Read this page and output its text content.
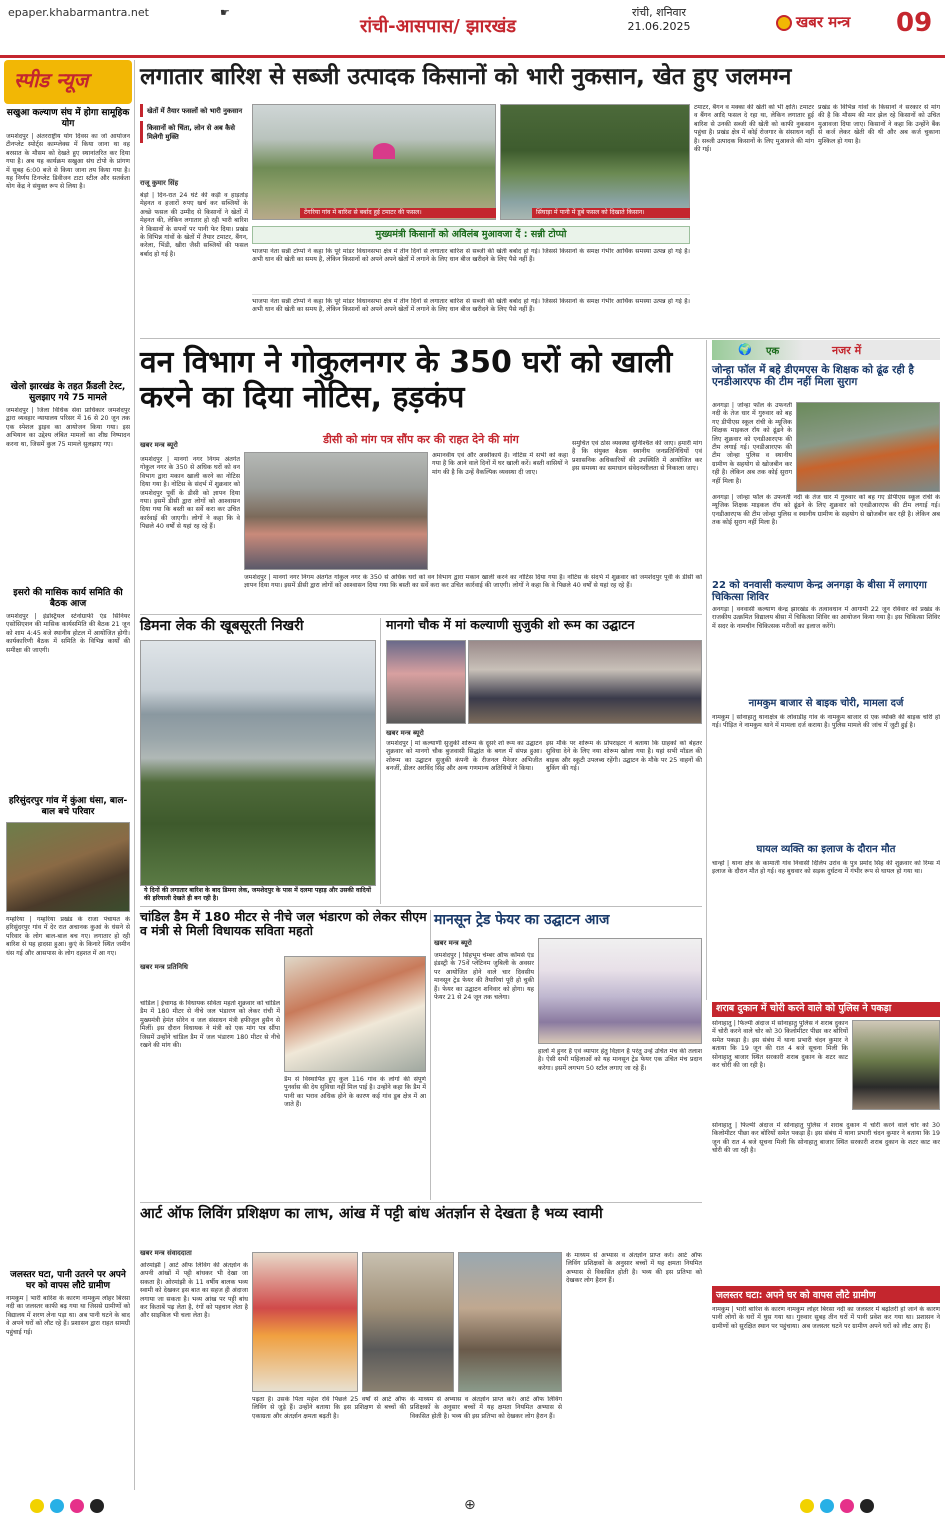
epaper.khabarmantra.net	☛
रांची-आसपास/ झारखंड
रांची, शनिवार
21.06.2025	खबर मन्त्र 09
स्पीड न्यूज
सखुआ कल्याण संघ में होगा सामूहिक योग
जमशेदपुर | अंतरराष्ट्रीय योग दिवस का जो आयोजन टीनप्लेट स्पोर्ट्स काम्प्लेक्स में किया जाना था वह बरसात के मौसम को देखते हुए स्थानांतरित कर दिया गया है। अब यह कार्यक्रम सखुआ संघ टोपो के प्रांगण में सुबह 6:00 बजे से किया जाना तय किया गया है। यह निर्णय टिनप्लेट डिवीजन टाटा स्टील और सतर्कता योग केंद्र ने संयुक्त रूप से लिया है।
खेलो झारखंड के तहत फ्रैंडली टेस्ट, सुलझाए गये 75 मामले
जमशेदपुर | जिला विधिक सेवा प्राधिकार जमशेदपुर द्वारा व्यवहार न्यायालय परिसर में 16 से 20 जून तक एक स्पेशल ड्राइव का आयोजन किया गया। इस अभियान का उद्देश्य लंबित मामलों का शीघ्र निष्पादन करना था, जिसमें कुल 75 मामले सुलझाए गए।
इसरो की मासिक कार्य समिति की बैठक आज
जमशेदपुर | इंडस्ट्रियल स्टेनोग्राफी एंड सिनियर एसोसिएशन की मासिक कार्यसमिति की बैठक 21 जून को शाम 4:45 बजे स्थानीय होटल में आयोजित होगी। कार्यकारिणी बैठक में समिति के विभिन्न कार्यों की समीक्षा की जाएगी।
हरिसुंदरपुर गांव में कुंआ धंसा, बाल-बाल बचे परिवार
गम्हरिया | गम्हरिया प्रखंड के राजा पंचायत के हरिसुंदरपुर गांव में देर रात अचानक कुआं के धंसने से परिवार के लोग बाल-बाल बच गए। लगातार हो रही बारिश से यह हादसा हुआ। कुएं के किनारे स्थित जमीन धंस गई और आसपास के लोग दहशत में आ गए।
जलस्तर घटा, पानी उतरने पर अपने घर को वापस लौटे ग्रामीण
नामकुम | भारी बारिश के कारण नामकुम लोहर बिरसा नदी का जलस्तर काफी बढ़ गया था जिससे ग्रामीणों को विद्यालय में शरण लेना पड़ा था। अब पानी घटने के बाद वे अपने घरों को लौट रहे हैं। प्रशासन द्वारा राहत सामग्री पहुंचाई गई।
लगातार बारिश से सब्जी उत्पादक किसानों को भारी नुकसान, खेत हुए जलमग्न
खेतों में तैयार फसलों को भारी नुकसान
किसानों को चिंता, लोन से अब कैसे मिलेगी मुक्ति
राजू कुमार सिंह
बेड़ो | दिन-रात 24 घंटे की कड़ी व हाड़तोड़ मेहनत व हजारों रुपए खर्च कर सब्जियों के अच्छे फसल की उम्मीद से किसानों ने खेतों में मेहनत की, लेकिन लगातार हो रही भारी बारिश ने किसानों के सपनों पर पानी फेर दिया। प्रखंड के विभिन्न गांवों के खेतों में तैयार टमाटर, बैंगन, करेला, भिंडी, खीरा जैसी सब्जियों की फसल बर्बाद हो गई है।
टेंगरिया गांव में बारिश से बर्बाद हुई टमाटर की फसल।	सिंघाड़ा में पानी में डूबे फसल को दिखाते किसान।
मुख्यमंत्री किसानों को अविलंब मुआवजा दें : सन्नी टोप्पो
भाजपा नेता सन्नी टोप्पो ने कहा कि पूरे मांडर विधानसभा क्षेत्र में तीन दिनों से लगातार बारिश से सब्जी की खेती बर्बाद हो गई। जिससे किसानों के समक्ष गंभीर आर्थिक समस्या उत्पन्न हो गई है। अभी धान की खेती का समय है, लेकिन किसानों को अपने अपने खेतों में लगाने के लिए धान बीज खरीदने के लिए पैसे नहीं हैं।
टमाटर, बैंगन व मक्का की खेती को भी क्षति। टमाटर व बैंगन आदि फसल दे रहा था, लेकिन लगातार हुई बारिश से उनकी सब्जी की खेती को काफी नुकसान पहुंचा है। प्रखंड क्षेत्र में कोई रोजगार के संसाधन नहीं है। सब्जी उत्पादक किसानों के लिए मुआवजे की मांग की गई।
प्रखंड के विभिन्न गांवों के किसानों ने सरकार से मांग की है कि मौसम की मार झेल रहे किसानों को उचित मुआवजा दिया जाए। किसानों ने कहा कि उन्होंने बैंक से कर्ज लेकर खेती की थी और अब कर्ज चुकाना मुश्किल हो गया है।
भाजपा नेता सन्नी टोप्पो ने कहा कि पूरे मांडर विधानसभा क्षेत्र में तीन दिनों से लगातार बारिश से सब्जी की खेती बर्बाद हो गई। जिससे किसानों के समक्ष गंभीर आर्थिक समस्या उत्पन्न हो गई है। अभी धान की खेती का समय है, लेकिन किसानों को अपने अपने खेतों में लगाने के लिए धान बीज खरीदने के लिए पैसे नहीं हैं।
वन विभाग ने गोकुलनगर के 350 घरों को खाली करने का दिया नोटिस, हड़कंप
डीसी को मांग पत्र सौंप कर की राहत देने की मांग
खबर मन्त्र ब्यूरो
जमशेदपुर | मानगो नगर निगम अंतर्गत गोकुल नगर के 350 से अधिक घरों को वन विभाग द्वारा मकान खाली करने का नोटिस दिया गया है। नोटिस के संदर्भ में शुक्रवार को जमशेदपुर पूर्वी के डीसी को ज्ञापन दिया गया। इसमें डीसी द्वारा लोगों को आश्वासन दिया गया कि बस्ती का सर्वे करा कर उचित कार्रवाई की जाएगी। लोगों ने कहा कि वे पिछले 40 वर्षों से यहां रह रहे हैं।
अमानवीय एवं और अस्वीकार्य है। नोटिस में सभी को कहा गया है कि आने वाले दिनों में घर खाली करें। बस्ती वासियों ने मांग की है कि उन्हें वैकल्पिक व्यवस्था दी जाए।
समुचित एवं ठोस व्यवस्था सुनिश्चित की जाए। हमारी मांग है कि संयुक्त बैठक स्थानीय जनप्रतिनिधियों एवं प्रशासनिक अधिकारियों की उपस्थिति में आयोजित कर इस समस्या का समाधान संवेदनशीलता से निकाला जाए।
जमशेदपुर | मानगो नगर निगम अंतर्गत गोकुल नगर के 350 से अधिक घरों को वन विभाग द्वारा मकान खाली करने का नोटिस दिया गया है। नोटिस के संदर्भ में शुक्रवार को जमशेदपुर पूर्वी के डीसी को ज्ञापन दिया गया। इसमें डीसी द्वारा लोगों को आश्वासन दिया गया कि बस्ती का सर्वे करा कर उचित कार्रवाई की जाएगी। लोगों ने कहा कि वे पिछले 40 वर्षों से यहां रह रहे हैं।
🌍 एक	नजर में
जोन्हा फॉल में बहे डीएमएस के शिक्षक को ढूंढ रही है एनडीआरएफ की टीम नहीं मिला सुराग
अनगड़ा | जोन्हा फॉल के उफनती नदी के तेज धार में गुरुवार को बह गए डीपीएस स्कूल रांची के म्यूजिक शिक्षक माइकल रॉय को ढूंढने के लिए शुक्रवार को एनडीआरएफ की टीम लगाई गई। एनडीआरएफ की टीम जोन्हा पुलिस व स्थानीय ग्रामीण के सहयोग से खोजबीन कर रही है। लेकिन अब तक कोई सुराग नहीं मिला है।
अनगड़ा | जोन्हा फॉल के उफनती नदी के तेज धार में गुरुवार को बह गए डीपीएस स्कूल रांची के म्यूजिक शिक्षक माइकल रॉय को ढूंढने के लिए शुक्रवार को एनडीआरएफ की टीम लगाई गई। एनडीआरएफ की टीम जोन्हा पुलिस व स्थानीय ग्रामीण के सहयोग से खोजबीन कर रही है। लेकिन अब तक कोई सुराग नहीं मिला है।
22 को वनवासी कल्याण केन्द्र अनगड़ा के बीसा में लगाएगा चिकित्सा शिविर
अनगड़ा | वनवासी कल्याण केन्द्र झारखंड के तत्वावधान में आगामी 22 जून रविवार को प्रखंड के राजकीय उत्क्रमित विद्यालय बीसा में चिकित्सा शिविर का आयोजन किया गया है। इस चिकित्सा शिविर में सदर के नामचीन चिकित्सक मरीजों का इलाज करेंगे।
नामकुम बाजार से बाइक चोरी, मामला दर्ज
नामकुम | सोनाहातु थानाक्षेत्र के लोवाडीह गांव के नामकुम बाजार से एक व्यक्ति की बाइक चोरी हो गई। पीड़ित ने नामकुम थाने में मामला दर्ज कराया है। पुलिस मामले की जांच में जुटी हुई है।
घायल व्यक्ति का इलाज के दौरान मौत
चान्हो | थाना क्षेत्र के कामाती गांव निवासी दिलिप उरांव के पुत्र प्रमोद सिंह की शुक्रवार को रिम्स में इलाज के दौरान मौत हो गई। वह बुधवार को सड़क दुर्घटना में गंभीर रूप से घायल हो गया था।
डिमना लेक की खूबसूरती निखरी
ये दिनों की लगातार बारिश के बाद डिमना लेक, जमशेदपुर के पास में दलमा पहाड़ और उसकी वादियों की हरियाली देखते ही बन रही है।
मानगो चौक में मां कल्याणी सुजुकी शो रूम का उद्घाटन
खबर मन्त्र ब्यूरो
जमशेदपुर | मां कल्याणी सुजुकी शोरूम के दूसरे शो रूम का उद्घाटन शुक्रवार को मानगो चौक बुजवासी सिद्धांत के बगल में संपन्न हुआ। शोरूम का उद्घाटन सुजुकी कंपनी के रीजनल मैनेजर अभिजीत बनर्जी, डीलर अरविंद सिंह और अन्य गणमान्य अतिथियों ने किया।
इस मौके पर शोरूम के प्रोपराइटर ने बताया कि ग्राहकों को बेहतर सुविधा देने के लिए नया शोरूम खोला गया है। यहां सभी मॉडल की बाइक और स्कूटी उपलब्ध रहेंगी। उद्घाटन के मौके पर 25 वाहनों की बुकिंग की गई।
शराब दुकान में चोरी करने वाले को पुलिस ने पकड़ा
सोनाहातु | फिल्मी अंदाज में सोनाहातु पुलिस ने शराब दुकान में चोरी करने वाले चोर को 30 किलोमीटर पीछा कर बोरियों समेत पकड़ा है। इस संबंध में थाना प्रभारी चंदन कुमार ने बताया कि 19 जून की रात 4 बजे सूचना मिली कि सोनाहातु बाजार स्थित सरकारी शराब दुकान के शटर काट कर चोरी की जा रही है।
सोनाहातु | फिल्मी अंदाज में सोनाहातु पुलिस ने शराब दुकान में चोरी करने वाले चोर को 30 किलोमीटर पीछा कर बोरियों समेत पकड़ा है। इस संबंध में थाना प्रभारी चंदन कुमार ने बताया कि 19 जून की रात 4 बजे सूचना मिली कि सोनाहातु बाजार स्थित सरकारी शराब दुकान के शटर काट कर चोरी की जा रही है।
चांडिल डैम में 180 मीटर से नीचे जल भंडारण को लेकर सीएम व मंत्री से मिली विधायक सविता महतो
खबर मन्त्र प्रतिनिधि
चांडिल | ईचागढ़ के विधायक सविता महतो शुक्रवार को चांडिल डैम में 180 मीटर से नीचे जल भंडारण को लेकर रांची में मुख्यमंत्री हेमंत सोरेन व जल संसाधन मंत्री हफीजुल हुसैन से मिलीं। इस दौरान विधायक ने मंत्री को एक मांग पत्र सौंपा जिसमें उन्होंने चांडिल डैम में जल भंडारण 180 मीटर से नीचे रखने की मांग की।
डैम से विस्थापित हुए कुल 116 गांव के लोगों की संपूर्ण पुनर्वास की देय सुविधा नहीं मिल पाई है। उन्होंने कहा कि डैम में पानी का भराव अधिक होने के कारण कई गांव डूब क्षेत्र में आ जाते हैं।
मानसून ट्रेड फेयर का उद्घाटन आज
खबर मन्त्र ब्यूरो
जमशेदपुर | सिंहभूम चेम्बर ऑफ कॉमर्स एंड इंडस्ट्री के 75वें प्लेटिनम जुबिली के अवसर पर आयोजित होने वाले चार दिवसीय मानसून ट्रेड फेयर की तैयारियां पूरी हो चुकी हैं। फेयर का उद्घाटन शनिवार को होगा। यह फेयर 21 से 24 जून तक चलेगा।
हालों में हुनर है एवं व्यापार हेतु विज्ञान है परंतु उन्हें उचित मंच की तलाश है। ऐसी सभी महिलाओं को यह मानसून ट्रेड फेयर एक उचित मंच प्रदान करेगा। इसमें लगभग 50 स्टॉल लगाए जा रहे हैं।
आर्ट ऑफ लिविंग प्रशिक्षण का लाभ, आंख में पट्टी बांध अंतर्ज्ञान से देखता है भव्य स्वामी
खबर मन्त्र संवाददाता
ओरमांझी | आर्ट ऑफ लिविंग की अंतर्ज्ञान के अपनी आंखों में पट्टी बांधकर भी देखा जा सकता है। ओरमांझी के 11 वर्षीय बालक भव्य स्वामी को देखकर इस बात का सहज ही अंदाजा लगाया जा सकता है। भव्य आंख पर पट्टी बांध कर किताबें पढ़ लेता है, रंगों को पहचान लेता है और साइकिल भी चला लेता है।
पढ़ता है। उसके पिता महेश रवि पिछले 25 वर्षों से आर्ट ऑफ लिविंग से जुड़े हैं। उन्होंने बताया कि इस प्रशिक्षण से बच्चों की एकाग्रता और अंतर्ज्ञान क्षमता बढ़ती है।
के माध्यम से अभ्यास व अंतर्ज्ञान प्राप्त करें। आर्ट ऑफ लिविंग प्रशिक्षकों के अनुसार बच्चों में यह क्षमता नियमित अभ्यास से विकसित होती है। भव्य की इस प्रतिभा को देखकर लोग हैरान हैं।
के माध्यम से अभ्यास व अंतर्ज्ञान प्राप्त करें। आर्ट ऑफ लिविंग प्रशिक्षकों के अनुसार बच्चों में यह क्षमता नियमित अभ्यास से विकसित होती है। भव्य की इस प्रतिभा को देखकर लोग हैरान हैं।
जलस्तर घटा: अपने घर को वापस लौटे ग्रामीण
नामकुम | भारी बारिश के कारण नामकुम लोहर बिरसा नदी का जलस्तर में बढ़ोतरी हो जाने के कारण पानी लोगों के घरों में घुस गया था। गुरुवार सुबह तीन घरों में पानी प्रवेश कर गया था। प्रशासन ने ग्रामीणों को सुरक्षित स्थान पर पहुंचाया। अब जलस्तर घटने पर ग्रामीण अपने घरों को लौट आए हैं।
⊕
